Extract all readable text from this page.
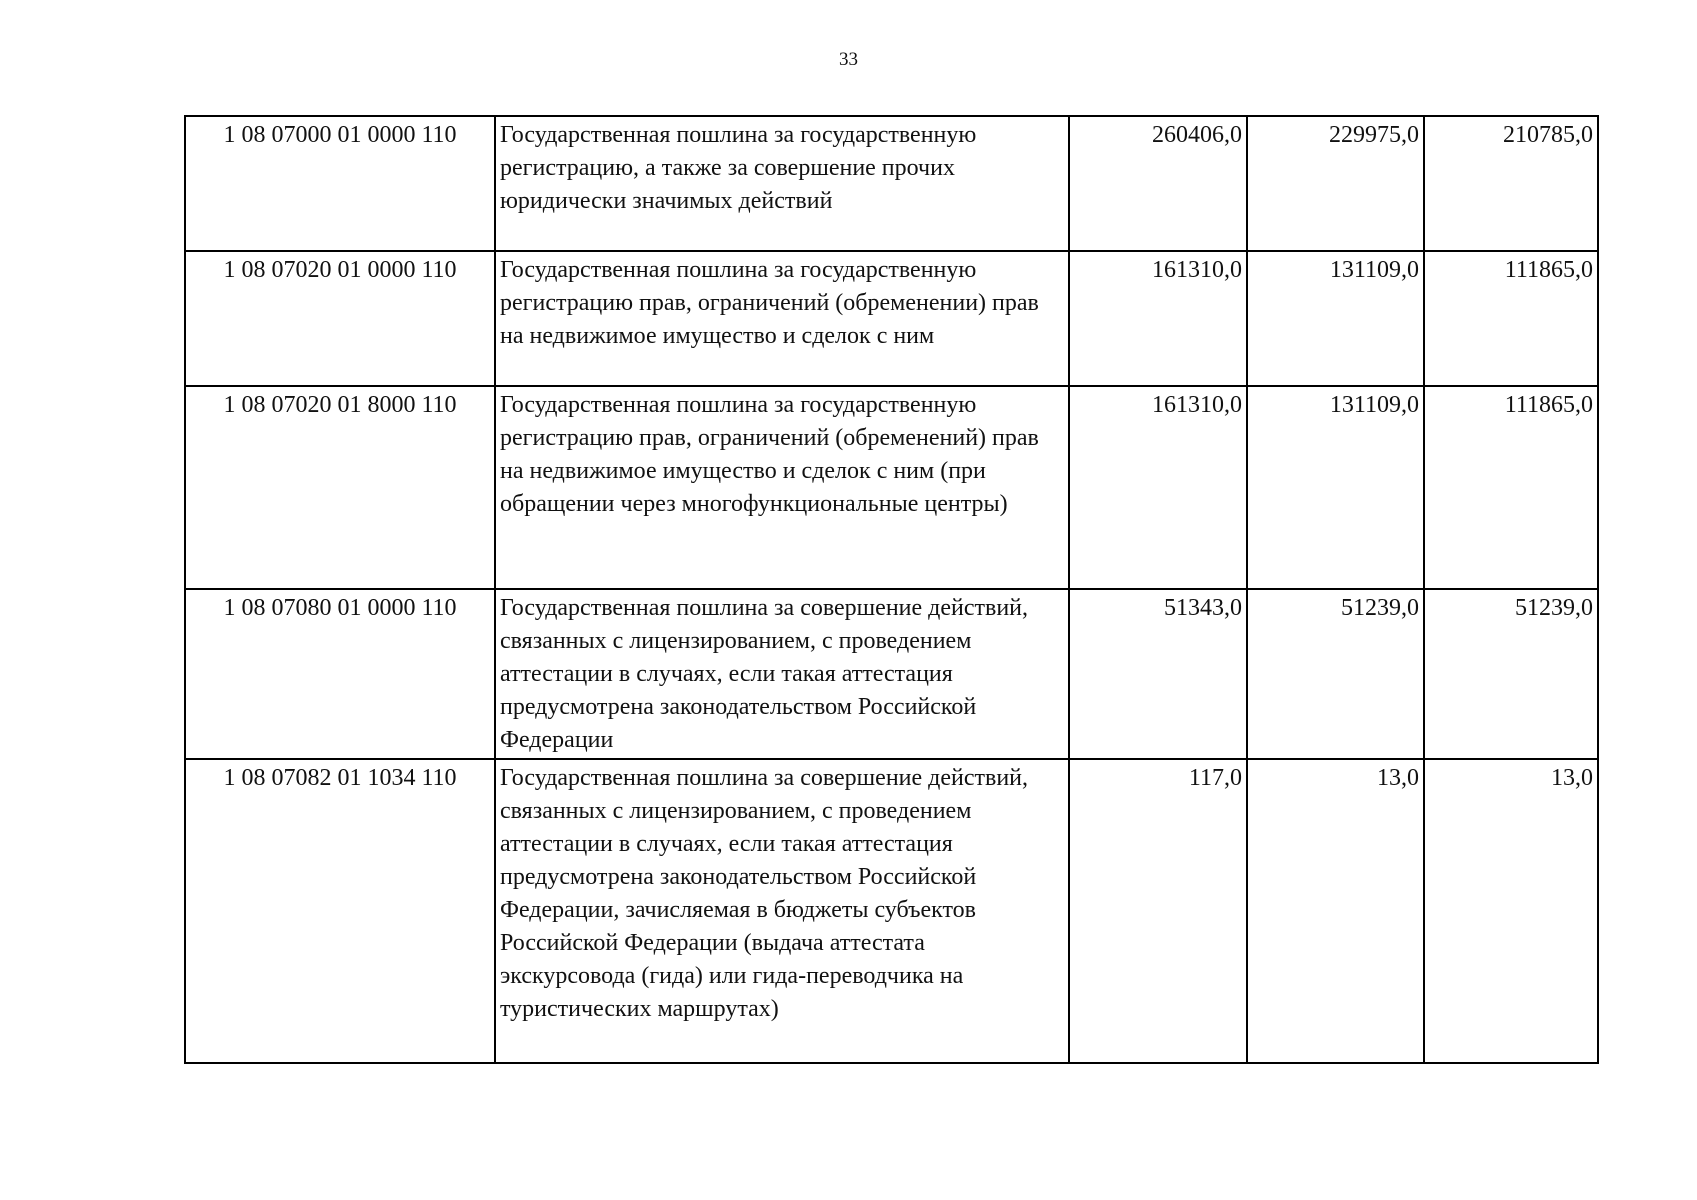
33
1 08 07000 01 0000 110	Государственная пошлина за государственную регистрацию, а также за совершение прочих юридически значимых действий	260406,0	229975,0	210785,0
1 08 07020 01 0000 110	Государственная пошлина за государственную регистрацию прав, ограничений (обременении) прав на недвижимое имущество и сделок с ним	161310,0	131109,0	111865,0
1 08 07020 01 8000 110	Государственная пошлина за государственную регистрацию прав, ограничений (обременений) прав на недвижимое имущество и сделок с ним (при обращении через многофункциональные центры)	161310,0	131109,0	111865,0
1 08 07080 01 0000 110	Государственная пошлина за совершение действий, связанных с лицензированием, с проведением аттестации в случаях, если такая аттестация предусмотрена законодательством Российской Федерации	51343,0	51239,0	51239,0
1 08 07082 01 1034 110	Государственная пошлина за совершение действий, связанных с лицензированием, с проведением аттестации в случаях, если такая аттестация предусмотрена законодательством Российской Федерации, зачисляемая в бюджеты субъектов Российской Федерации (выдача аттестата экскурсовода (гида) или гида-переводчика на туристических маршрутах)	117,0	13,0	13,0
